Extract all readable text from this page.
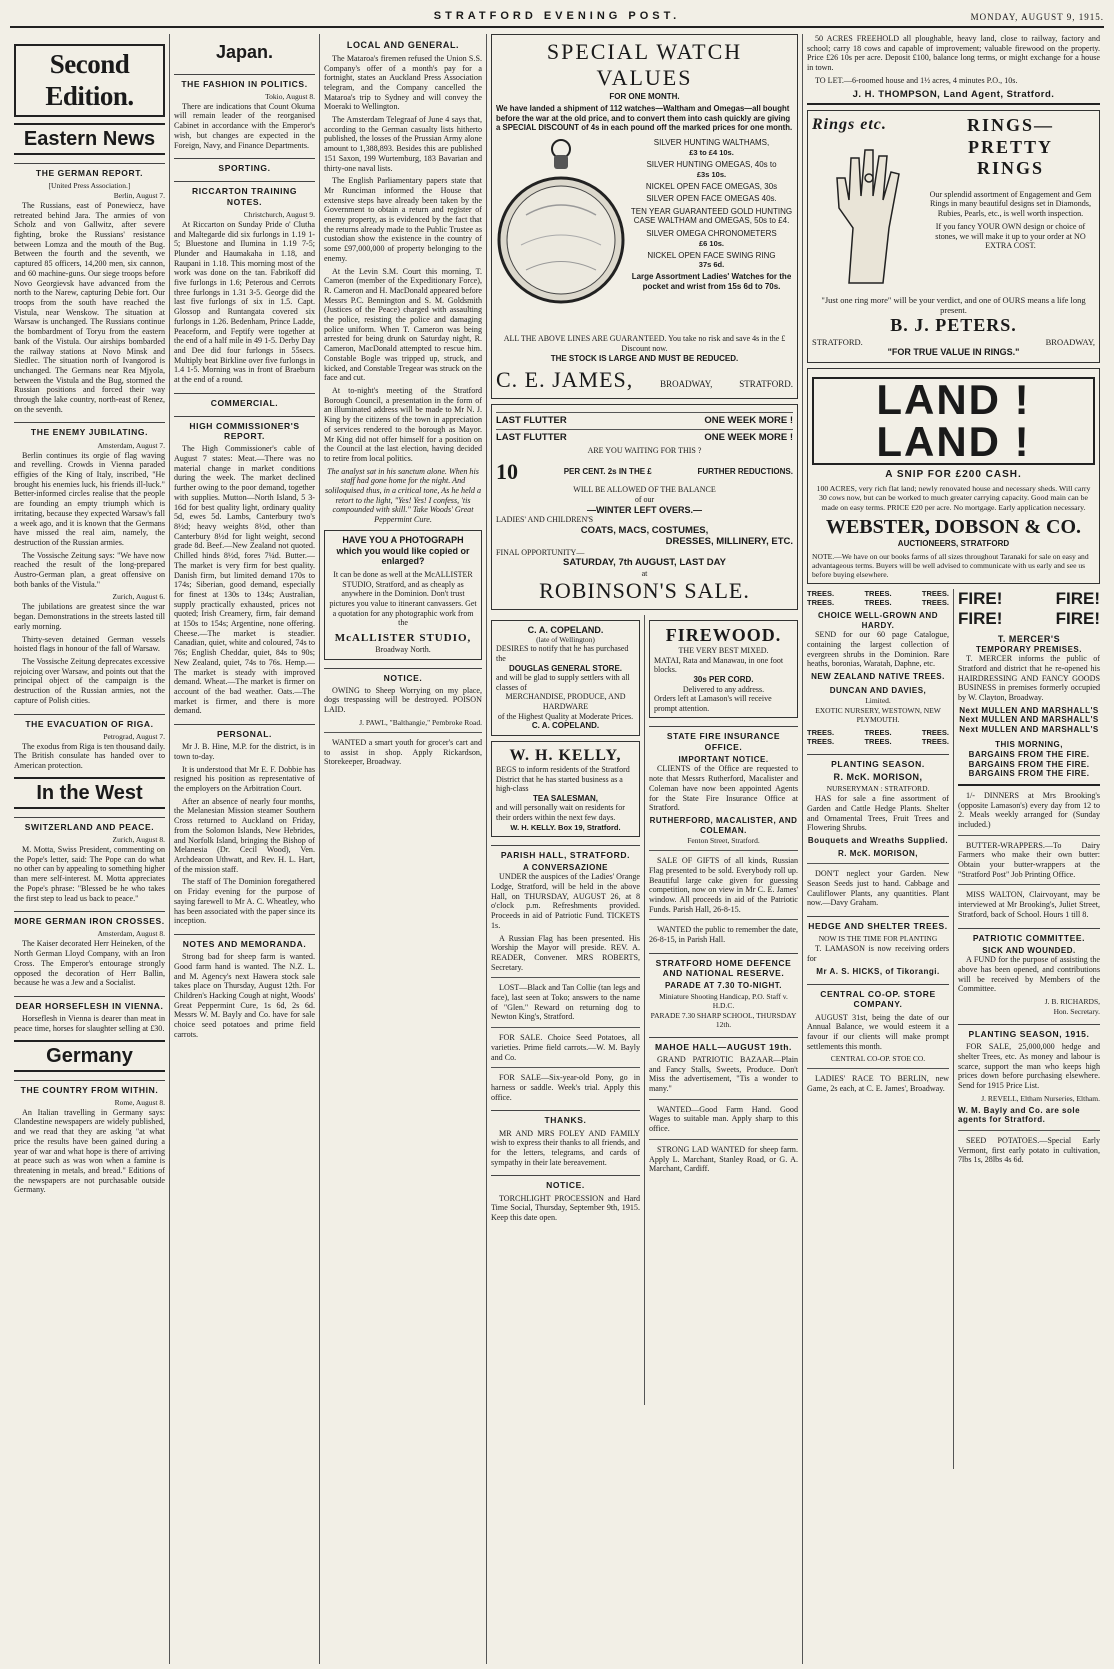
STRATFORD EVENING POST.	MONDAY, AUGUST 9, 1915.
Second Edition.
Eastern News
THE GERMAN REPORT.
[United Press Association.]
Berlin, August 7.

The Russians, east of Ponewiecz, have retreated behind Jara. The armies of von Scholz and von Gallwitz, after severe fighting, broke the Russians' resistance between Lomza and the mouth of the Bug. Between the fourth and the seventh, we captured 85 officers, 14,200 men, six cannon, and 60 machine-guns. Our siege troops before Novo Georgievsk have advanced from the north to the Narew, capturing Debie fort. Our troops from the south have reached the Vistula, near Wenskow. The situation at Warsaw is unchanged. The Russians continue the bombardment of Toryu from the eastern bank of the Vistula. Our airships bombarded the railway stations at Novo Minsk and Siedlec. The situation north of Ivangorod is unchanged. The Germans near Rea Mjyola, between the Vistula and the Bug, stormed the Russian positions and forced their way through the lake country, north-east of Renez, on the seventh.

THE ENEMY JUBILATING.
Amsterdam, August 7.

Berlin continues its orgie of flag waving and revelling. Crowds in Vienna paraded effigies of the King of Italy, inscribed, "He brought his enemies luck, his friends ill-luck." Better-informed circles realise that the people are founding an empty triumph which is irritating, because they expected Warsaw's fall a week ago, and it is known that the Germans have missed the real aim, namely, the destruction of the Russian armies.

The Vossische Zeitung says: "We have now reached the result of the long-prepared Austro-German plan, a great offensive on both banks of the Vistula."

Zurich, August 6.

The jubilations are greatest since the war began. Demonstrations in the streets lasted till early morning.

Thirty-seven detained German vessels hoisted flags in honour of the fall of Warsaw.

The Vossische Zeitung deprecates excessive rejoicing over Warsaw, and points out that the principal object of the campaign is the destruction of the Russian armies, not the capture of Polish cities.

THE EVACUATION OF RIGA.
Petrograd, August 7.

The exodus from Riga is ten thousand daily. The British consulate has handed over to American protection.

In the West
SWITZERLAND AND PEACE.
Zurich, August 8.

M. Motta, Swiss President, commenting on the Pope's letter, said: The Pope can do what no other can by appealing to something higher than mere self-interest. M. Motta appreciates the Pope's phrase: "Blessed be he who takes the first step to lead us back to peace."

MORE GERMAN IRON CROSSES.
Amsterdam, August 8.

The Kaiser decorated Herr Heineken, of the North German Lloyd Company, with an Iron Cross. The Emperor's entourage strongly opposed the decoration of Herr Ballin, because he was a Jew and a Socialist.

DEAR HORSEFLESH IN VIENNA.

Horseflesh in Vienna is dearer than meat in peace time, horses for slaughter selling at £30.

Germany
THE COUNTRY FROM WITHIN.
Rome, August 8.

An Italian travelling in Germany says: Clandestine newspapers are widely published, and we read that they are asking "at what price the results have been gained during a year of war and what hope is there of arriving at peace such as was won when a famine is threatening in metals, and bread." Editions of the newspapers are not purchasable outside Germany.

Japan.
THE FASHION IN POLITICS.
Tokio, August 8.

There are indications that Count Okuma will remain leader of the reorganised Cabinet in accordance with the Emperor's wish, but changes are expected in the Foreign, Navy, and Finance Departments.

SPORTING.
RICCARTON TRAINING NOTES.
Christchurch, August 9.

At Riccarton on Sunday Pride o' Clutha and Maltegarde did six furlongs in 1.19 1-5; Bluestone and Ilumina in 1.19 7-5; Plunder and Haumakaha in 1.18, and Raupani in 1.18. This morning most of the work was done on the tan. Fabrikoff did five furlongs in 1.6; Peterous and Cerrots three furlongs in 1.31 3-5. George did the last five furlongs of six in 1.5. Capt. Glossop and Runtangata covered six furlongs in 1.26. Bedenham, Prince Ladde, Peaceform, and Feptify were together at the end of a half mile in 49 1-5. Derby Day and Dee did four furlongs in 55secs. Multiply beat Birkline over five furlongs in 1.4 1-5. Morning was in front of Braeburn at the end of a round.

COMMERCIAL.
HIGH COMMISSIONER'S REPORT.

The High Commissioner's cable of August 7 states: Meat.—There was no material change in market conditions during the week. The market declined further owing to the poor demand, together with supplies. Mutton—North Island, 5 3-16d for best quality light, ordinary quality 5d, ewes 5d. Lambs, Canterbury two's 8½d; heavy weights 8½d, other than Canterbury 8½d for light weight, second grade 8d. Beef.—New Zealand not quoted. Chilled hinds 8½d, fores 7¼d. Butter.—The market is very firm for best quality. Danish firm, but limited demand 170s to 174s; Siberian, good demand, especially for finest at 130s to 134s; Australian, supply practically exhausted, prices not quoted; Irish Creamery, firm, fair demand at 150s to 154s; Argentine, none offering. Cheese.—The market is steadier. Canadian, quiet, white and coloured, 74s to 76s; English Cheddar, quiet, 84s to 90s; New Zealand, quiet, 74s to 76s. Hemp.—The market is steady with improved demand. Wheat.—The market is firmer on account of the bad weather. Oats.—The market is firmer, and there is more demand.

PERSONAL.

Mr J. B. Hine, M.P. for the district, is in town to-day.

It is understood that Mr E. F. Dobbie has resigned his position as representative of the employers on the Arbitration Court.

After an absence of nearly four months, the Melanesian Mission steamer Southern Cross returned to Auckland on Friday, from the Solomon Islands, New Hebrides, and Norfolk Island, bringing the Bishop of Melanesia (Dr. Cecil Wood), Ven. Archdeacon Uthwatt, and Rev. H. L. Hart, of the mission staff.

The staff of The Dominion foregathered on Friday evening for the purpose of saying farewell to Mr A. C. Wheatley, who has been associated with the paper since its inception.

NOTES AND MEMORANDA.

Strong bad for sheep farm is wanted. Good farm hand is wanted. The N.Z. L. and M. Agency's next Hawera stock sale takes place on Thursday, August 12th. For Children's Hacking Cough at night, Woods' Great Peppermint Cure, 1s 6d, 2s 6d. Messrs W. M. Bayly and Co. have for sale choice seed potatoes and prime field carrots.

LOCAL AND GENERAL.

The Mataroa's firemen refused the Union S.S. Company's offer of a month's pay for a fortnight, states an Auckland Press Association telegram, and the Company cancelled the Mataroa's trip to Sydney and will convey the Moeraki to Wellington.

The Amsterdam Telegraaf of June 4 says that, according to the German casualty lists hitherto published, the losses of the Prussian Army alone amount to 1,388,893. Besides this are published 151 Saxon, 199 Wurtemburg, 183 Bavarian and thirty-one naval lists.

The English Parliamentary papers state that Mr Runciman informed the House that extensive steps have already been taken by the Government to obtain a return and register of enemy property, as is evidenced by the fact that the returns already made to the Public Trustee as custodian show the existence in the country of some £97,000,000 of property belonging to the enemy.

At the Levin S.M. Court this morning, T. Cameron (member of the Expeditionary Force), R. Cameron and H. MacDonald appeared before Messrs P.C. Bennington and S. M. Goldsmith (Justices of the Peace) charged with assaulting the police, resisting the police and damaging police uniform. When T. Cameron was being arrested for being drunk on Saturday night, R. Cameron, MacDonald attempted to rescue him. Constable Bogle was tripped up, struck, and kicked, and Constable Tregear was struck on the face and cut.

At to-night's meeting of the Stratford Borough Council, a presentation in the form of an illuminated address will be made to Mr N. J. King by the citizens of the town in appreciation of services rendered to the borough as Mayor. Mr King did not offer himself for a position on the Council at the last election, having decided to retire from local politics.

The analyst sat in his sanctum alone. When his staff had gone home for the night. And soliloquised thus, in a critical tone, As he held a retort to the light, "Yes! Yes! I confess, 'tis compounded with skill." Take Woods' Great Peppermint Cure.

HAVE YOU A PHOTOGRAPH which you would like copied or enlarged?
It can be done as well at the McALLISTER STUDIO, Stratford, and as cheaply as anywhere in the Dominion. Don't trust pictures you value to itinerant canvassers. Get a quotation for any photographic work from the
McALLISTER STUDIO,
Broadway North.
NOTICE.

OWING to Sheep Worrying on my place, dogs trespassing will be destroyed. POISON LAID.

J. PAWL, "Balthangie," Pembroke Road.

WANTED a smart youth for grocer's cart and to assist in shop. Apply Rickardson, Storekeeper, Broadway.

SPECIAL WATCH VALUES
FOR ONE MONTH.
We have landed a shipment of 112 watches—Waltham and Omegas—all bought before the war at the old price, and to convert them into cash quickly are giving a SPECIAL DISCOUNT of 4s in each pound off the marked prices for one month.
SILVER HUNTING WALTHAMS,
£3 to £4 10s.
SILVER HUNTING OMEGAS, 40s to
£3s 10s.
NICKEL OPEN FACE OMEGAS, 30s
SILVER OPEN FACE OMEGAS 40s.
TEN YEAR GUARANTEED GOLD HUNTING CASE WALTHAM and OMEGAS, 50s to £4.
SILVER OMEGA CHRONOMETERS
£6 10s.
NICKEL OPEN FACE SWING RING
37s 6d.
Large Assortment Ladies' Watches for the pocket and wrist from 15s 6d to 70s.
ALL THE ABOVE LINES ARE GUARANTEED. You take no risk and save 4s in the £ Discount now.
THE STOCK IS LARGE AND MUST BE REDUCED.
C. E. JAMES,	BROADWAY,	STRATFORD.
LAST FLUTTER	ONE WEEK MORE !
LAST FLUTTER	ONE WEEK MORE !
ARE YOU WAITING FOR THIS ?
10	PER CENT. 2s IN THE £	FURTHER REDUCTIONS.
WILL BE ALLOWED OF THE BALANCE
of our
—WINTER LEFT OVERS.—
LADIES' AND CHILDREN'S
COATS, MACS, COSTUMES,
DRESSES, MILLINERY, ETC.
FINAL OPPORTUNITY—
SATURDAY, 7th AUGUST, LAST DAY
at
ROBINSON'S SALE.
C. A. COPELAND.
(late of Wellington)
DESIRES to notify that he has purchased the
DOUGLAS GENERAL STORE.
and will be glad to supply settlers with all classes of
MERCHANDISE, PRODUCE, AND HARDWARE
of the Highest Quality at Moderate Prices.
C. A. COPELAND.
W. H. KELLY,
BEGS to inform residents of the Stratford District that he has started business as a high-class
TEA SALESMAN,
and will personally wait on residents for their orders within the next few days.
W. H. KELLY. Box 19, Stratford.
PARISH HALL, STRATFORD.
A CONVERSAZIONE

UNDER the auspices of the Ladies' Orange Lodge, Stratford, will be held in the above Hall, on THURSDAY, AUGUST 26, at 8 o'clock p.m. Refreshments provided. Proceeds in aid of Patriotic Fund. TICKETS 1s.

A Russian Flag has been presented. His Worship the Mayor will preside. REV. A. READER, Convener. MRS ROBERTS, Secretary.

LOST—Black and Tan Collie (tan legs and face), last seen at Toko; answers to the name of "Glen." Reward on returning dog to Newton King's, Stratford.

FOR SALE. Choice Seed Potatoes, all varieties. Prime field carrots.—W. M. Bayly and Co.

FOR SALE—Six-year-old Pony, go in harness or saddle. Week's trial. Apply this office.

THANKS.

MR AND MRS FOLEY AND FAMILY wish to express their thanks to all friends, and for the letters, telegrams, and cards of sympathy in their late bereavement.

NOTICE.

TORCHLIGHT PROCESSION and Hard Time Social, Thursday, September 9th, 1915. Keep this date open.

FIREWOOD.
THE VERY BEST MIXED.
MATAI, Rata and Manawau, in one foot blocks.
30s PER CORD.
Delivered to any address.
Orders left at Lamason's will receive prompt attention.
STATE FIRE INSURANCE OFFICE.
IMPORTANT NOTICE.

CLIENTS of the Office are requested to note that Messrs Rutherford, Macalister and Coleman have now been appointed Agents for the State Fire Insurance Office at Stratford.

RUTHERFORD, MACALISTER, AND COLEMAN.
Fenton Street, Stratford.

SALE OF GIFTS of all kinds, Russian Flag presented to be sold. Everybody roll up. Beautiful large cake given for guessing competition, now on view in Mr C. E. James' window. All proceeds in aid of the Patriotic Funds. Parish Hall, 26-8-15.

WANTED the public to remember the date, 26-8-15, in Parish Hall.

STRATFORD HOME DEFENCE AND NATIONAL RESERVE.
PARADE AT 7.30 TO-NIGHT.
Miniature Shooting Handicap, P.O. Staff v. H.D.C.
PARADE 7.30 SHARP SCHOOL, THURSDAY 12th.
MAHOE HALL—AUGUST 19th.

GRAND PATRIOTIC BAZAAR—Plain and Fancy Stalls, Sweets, Produce. Don't Miss the advertisement, "Tis a wonder to many."

WANTED—Good Farm Hand. Good Wages to suitable man. Apply sharp to this office.

STRONG LAD WANTED for sheep farm. Apply L. Marchant, Stanley Road, or G. A. Marchant, Cardiff.

50 ACRES FREEHOLD all ploughable, heavy land, close to railway, factory and school; carry 18 cows and capable of improvement; valuable firewood on the property. Price £26 10s per acre. Deposit £100, balance long terms, or might exchange for a house in town.

TO LET.—6-roomed house and 1½ acres, 4 minutes P.O., 10s.

J. H. THOMPSON, Land Agent, Stratford.
Rings etc.	RINGS—
PRETTY
RINGS

Our splendid assortment of Engagement and Gem Rings in many beautiful designs set in Diamonds, Rubies, Pearls, etc., is well worth inspection.

If you fancy YOUR OWN design or choice of stones, we will make it up to your order at NO EXTRA COST.

"Just one ring more" will be your verdict, and one of OURS means a life long present.
B. J. PETERS.
STRATFORD.	BROADWAY,
"FOR TRUE VALUE IN RINGS."
LAND ! LAND !
A SNIP FOR £200 CASH.
100 ACRES, very rich flat land; newly renovated house and necessary sheds. Will carry 30 cows now, but can be worked to much greater carrying capacity. Good main can be made on easy terms. PRICE £20 per acre. No mortgage. Early application necessary.
WEBSTER, DOBSON & CO.
AUCTIONEERS, STRATFORD
NOTE.—We have on our books farms of all sizes throughout Taranaki for sale on easy and advantageous terms. Buyers will be well advised to communicate with us early and see us before buying elsewhere.
TREES.	TREES.	TREES.
TREES.	TREES.	TREES.
CHOICE WELL-GROWN AND HARDY.

SEND for our 60 page Catalogue, containing the largest collection of evergreen shrubs in the Dominion. Rare heaths, boronias, Waratah, Daphne, etc.

NEW ZEALAND NATIVE TREES.
DUNCAN AND DAVIES,
Limited.
EXOTIC NURSERY, WESTOWN, NEW PLYMOUTH.
TREES.	TREES.	TREES.
TREES.	TREES.	TREES.
PLANTING SEASON.
R. McK. MORISON,
NURSERYMAN : STRATFORD.

HAS for sale a fine assortment of Garden and Cattle Hedge Plants. Shelter and Ornamental Trees, Fruit Trees and Flowering Shrubs.

Bouquets and Wreaths Supplied.
R. McK. MORISON,

DON'T neglect your Garden. New Season Seeds just to hand. Cabbage and Cauliflower Plants, any quantities. Plant now.—Davy Graham.

HEDGE AND SHELTER TREES.
NOW IS THE TIME FOR PLANTING

T. LAMASON is now receiving orders for

Mr A. S. HICKS, of Tikorangi.
CENTRAL CO-OP. STORE COMPANY.

AUGUST 31st, being the date of our Annual Balance, we would esteem it a favour if our clients will make prompt settlements this month.

CENTRAL CO-OP. STOE CO.

LADIES' RACE TO BERLIN, new Game, 2s each, at C. E. James', Broadway.

FIRE!	FIRE!
FIRE!	FIRE!
T. MERCER'S
TEMPORARY PREMISES.

T. MERCER informs the public of Stratford and district that he re-opened his HAIRDRESSING AND FANCY GOODS BUSINESS in premises formerly occupied by W. Clayton, Broadway.

Next MULLEN AND MARSHALL'S
Next MULLEN AND MARSHALL'S
Next MULLEN AND MARSHALL'S
THIS MORNING,
BARGAINS FROM THE FIRE.
BARGAINS FROM THE FIRE.
BARGAINS FROM THE FIRE.

1/- DINNERS at Mrs Brooking's (opposite Lamason's) every day from 12 to 2. Meals weekly arranged for (Sunday included.)

BUTTER-WRAPPERS.—To Dairy Farmers who make their own butter: Obtain your butter-wrappers at the "Stratford Post" Job Printing Office.

MISS WALTON, Clairvoyant, may be interviewed at Mr Brooking's, Juliet Street, Stratford, back of School. Hours 1 till 8.

PATRIOTIC COMMITTEE.
SICK AND WOUNDED.

A FUND for the purpose of assisting the above has been opened, and contributions will be received by Members of the Committee.

J. B. RICHARDS,
Hon. Secretary.
PLANTING SEASON, 1915.

FOR SALE, 25,000,000 hedge and shelter Trees, etc. As money and labour is scarce, support the man who keeps high prices down before purchasing elsewhere. Send for 1915 Price List.

J. REVELL, Eltham Nurseries, Eltham.
W. M. Bayly and Co. are sole agents for Stratford.

SEED POTATOES.—Special Early Vermont, first early potato in cultivation, 7lbs 1s, 28lbs 4s 6d.
